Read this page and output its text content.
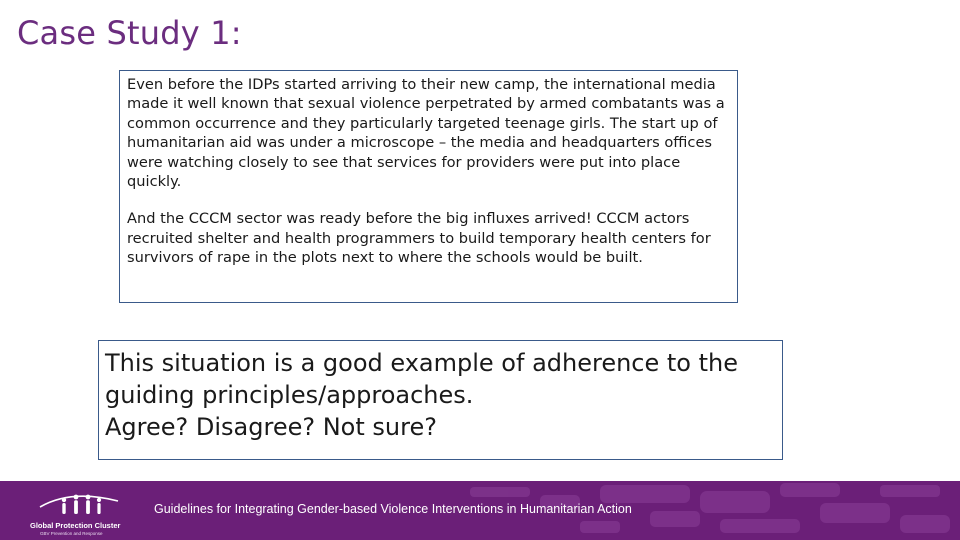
Case Study 1:

Even before the IDPs started arriving to their new camp, the international media made it well known that sexual violence perpetrated by armed combatants was a common occurrence and they particularly targeted teenage girls. The start up of humanitarian aid was under a microscope – the media and headquarters offices were watching closely to see that services for providers were put into place quickly.

And the CCCM sector was ready before the big influxes arrived! CCCM actors recruited shelter and health programmers to build temporary health centers for survivors of rape in the plots next to where the schools would be built.

This situation is a good example of adherence to the
guiding principles/approaches.
Agree? Disagree? Not sure?
Global Protection Cluster
GBV Prevention and Response
Guidelines for Integrating Gender-based Violence Interventions in Humanitarian Action
